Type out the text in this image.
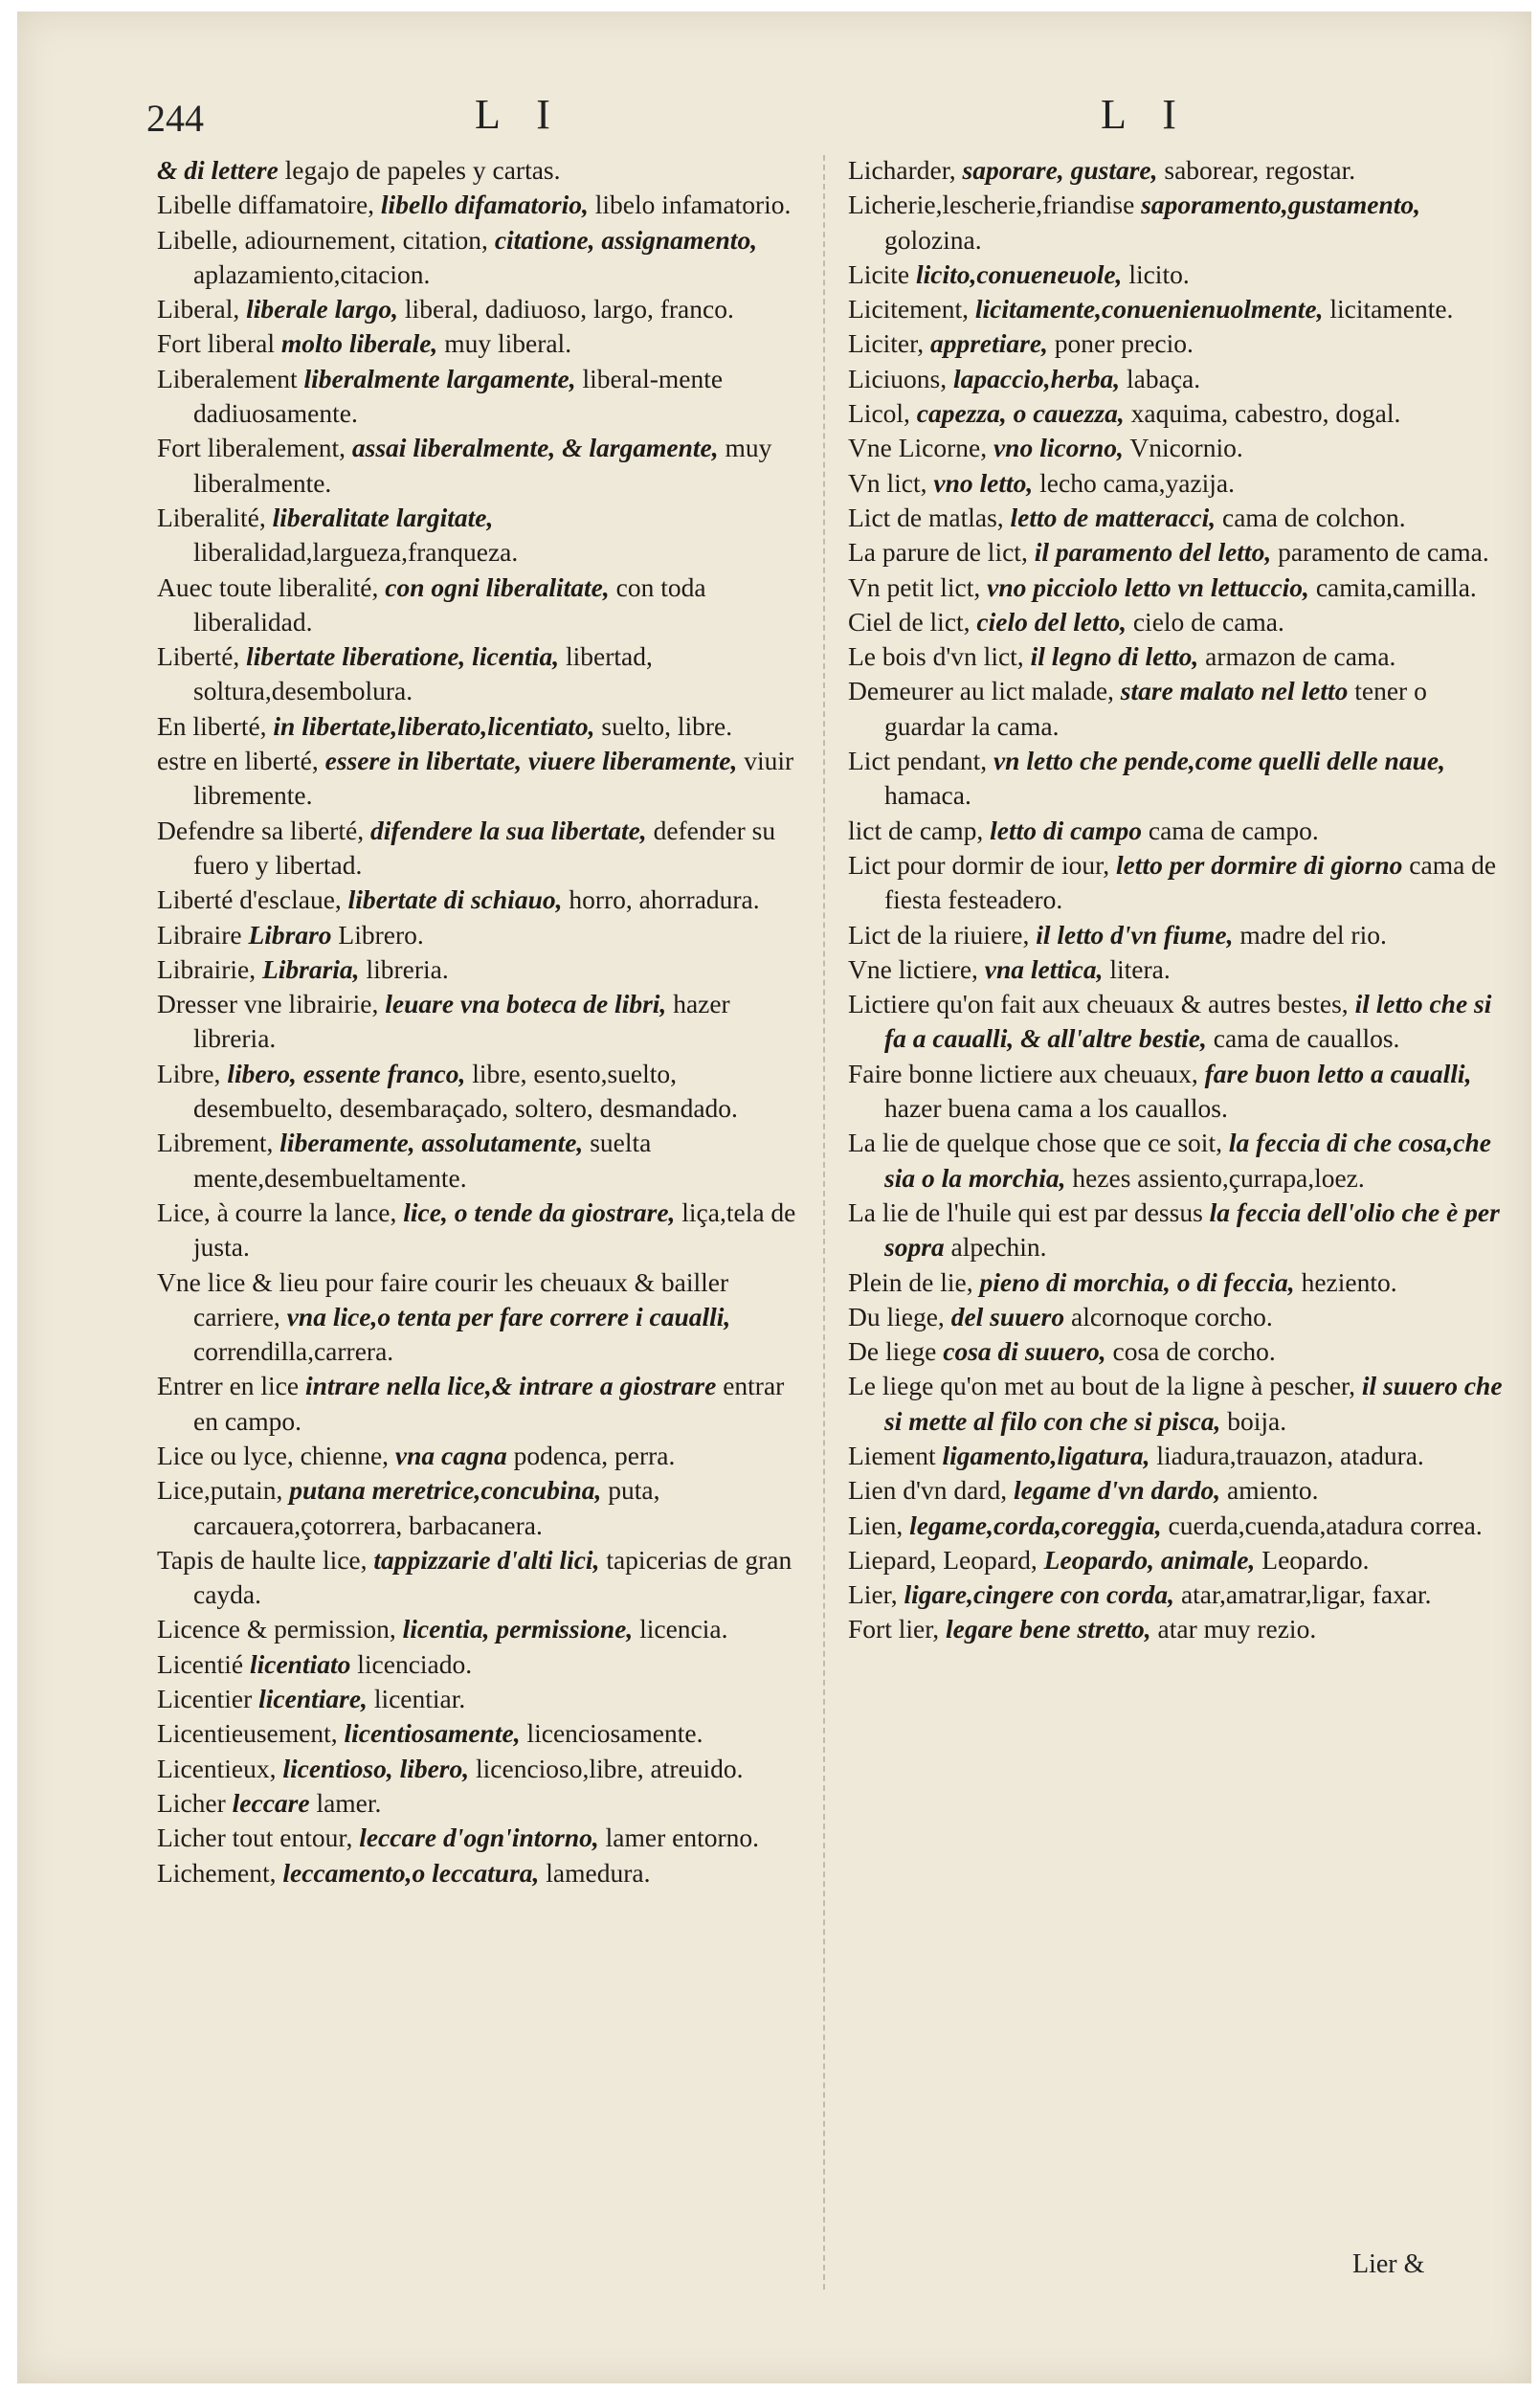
244	L I	L I

& di lettere legajo de papeles y cartas.

Libelle diffamatoire, libello difamatorio, libelo infamatorio.

Libelle, adiournement, citation, citatione, assignamento, aplazamiento,citacion.

Liberal, liberale largo, liberal, dadiuoso, largo, franco.

Fort liberal molto liberale, muy liberal.

Liberalement liberalmente largamente, liberal-mente dadiuosamente.

Fort liberalement, assai liberalmente, & largamente, muy liberalmente.

Liberalité, liberalitate largitate, liberalidad,largueza,franqueza.

Auec toute liberalité, con ogni liberalitate, con toda liberalidad.

Liberté, libertate liberatione, licentia, libertad, soltura,desembolura.

En liberté, in libertate,liberato,licentiato, suelto, libre.

estre en liberté, essere in libertate, viuere liberamente, viuir libremente.

Defendre sa liberté, difendere la sua libertate, defender su fuero y libertad.

Liberté d'esclaue, libertate di schiauo, horro, ahorradura.

Libraire Libraro Librero.

Librairie, Libraria, libreria.

Dresser vne librairie, leuare vna boteca de libri, hazer libreria.

Libre, libero, essente franco, libre, esento,suelto, desembuelto, desembaraçado, soltero, desmandado.

Librement, liberamente, assolutamente, suelta mente,desembueltamente.

Lice, à courre la lance, lice, o tende da giostrare, liça,tela de justa.

Vne lice & lieu pour faire courir les cheuaux & bailler carriere, vna lice,o tenta per fare correre i caualli, correndilla,carrera.

Entrer en lice intrare nella lice,& intrare a giostrare entrar en campo.

Lice ou lyce, chienne, vna cagna podenca, perra.

Lice,putain, putana meretrice,concubina, puta, carcauera,çotorrera, barbacanera.

Tapis de haulte lice, tappizzarie d'alti lici, tapicerias de gran cayda.

Licence & permission, licentia, permissione, licencia.

Licentié licentiato licenciado.

Licentier licentiare, licentiar.

Licentieusement, licentiosamente, licenciosamente.

Licentieux, licentioso, libero, licencioso,libre, atreuido.

Licher leccare lamer.

Licher tout entour, leccare d'ogn'intorno, lamer entorno.

Lichement, leccamento,o leccatura, lamedura.

Licharder, saporare, gustare, saborear, regostar.

Licherie,lescherie,friandise saporamento,gustamento, golozina.

Licite licito,conueneuole, licito.

Licitement, licitamente,conuenienuolmente, licitamente.

Liciter, appretiare, poner precio.

Liciuons, lapaccio,herba, labaça.

Licol, capezza, o cauezza, xaquima, cabestro, dogal.

Vne Licorne, vno licorno, Vnicornio.

Vn lict, vno letto, lecho cama,yazija.

Lict de matlas, letto de matteracci, cama de colchon.

La parure de lict, il paramento del letto, paramento de cama.

Vn petit lict, vno picciolo letto vn lettuccio, camita,camilla.

Ciel de lict, cielo del letto, cielo de cama.

Le bois d'vn lict, il legno di letto, armazon de cama.

Demeurer au lict malade, stare malato nel letto tener o guardar la cama.

Lict pendant, vn letto che pende,come quelli delle naue, hamaca.

lict de camp, letto di campo cama de campo.

Lict pour dormir de iour, letto per dormire di giorno cama de fiesta festeadero.

Lict de la riuiere, il letto d'vn fiume, madre del rio.

Vne lictiere, vna lettica, litera.

Lictiere qu'on fait aux cheuaux & autres bestes, il letto che si fa a caualli, & all'altre bestie, cama de cauallos.

Faire bonne lictiere aux cheuaux, fare buon letto a caualli, hazer buena cama a los cauallos.

La lie de quelque chose que ce soit, la feccia di che cosa,che sia o la morchia, hezes assiento,çurrapa,loez.

La lie de l'huile qui est par dessus la feccia dell'olio che è per sopra alpechin.

Plein de lie, pieno di morchia, o di feccia, heziento.

Du liege, del suuero alcornoque corcho.

De liege cosa di suuero, cosa de corcho.

Le liege qu'on met au bout de la ligne à pescher, il suuero che si mette al filo con che si pisca, boija.

Liement ligamento,ligatura, liadura,trauazon, atadura.

Lien d'vn dard, legame d'vn dardo, amiento.

Lien, legame,corda,coreggia, cuerda,cuenda,atadura correa.

Liepard, Leopard, Leopardo, animale, Leopardo.

Lier, ligare,cingere con corda, atar,amatrar,ligar, faxar.

Fort lier, legare bene stretto, atar muy rezio.

Lier &
